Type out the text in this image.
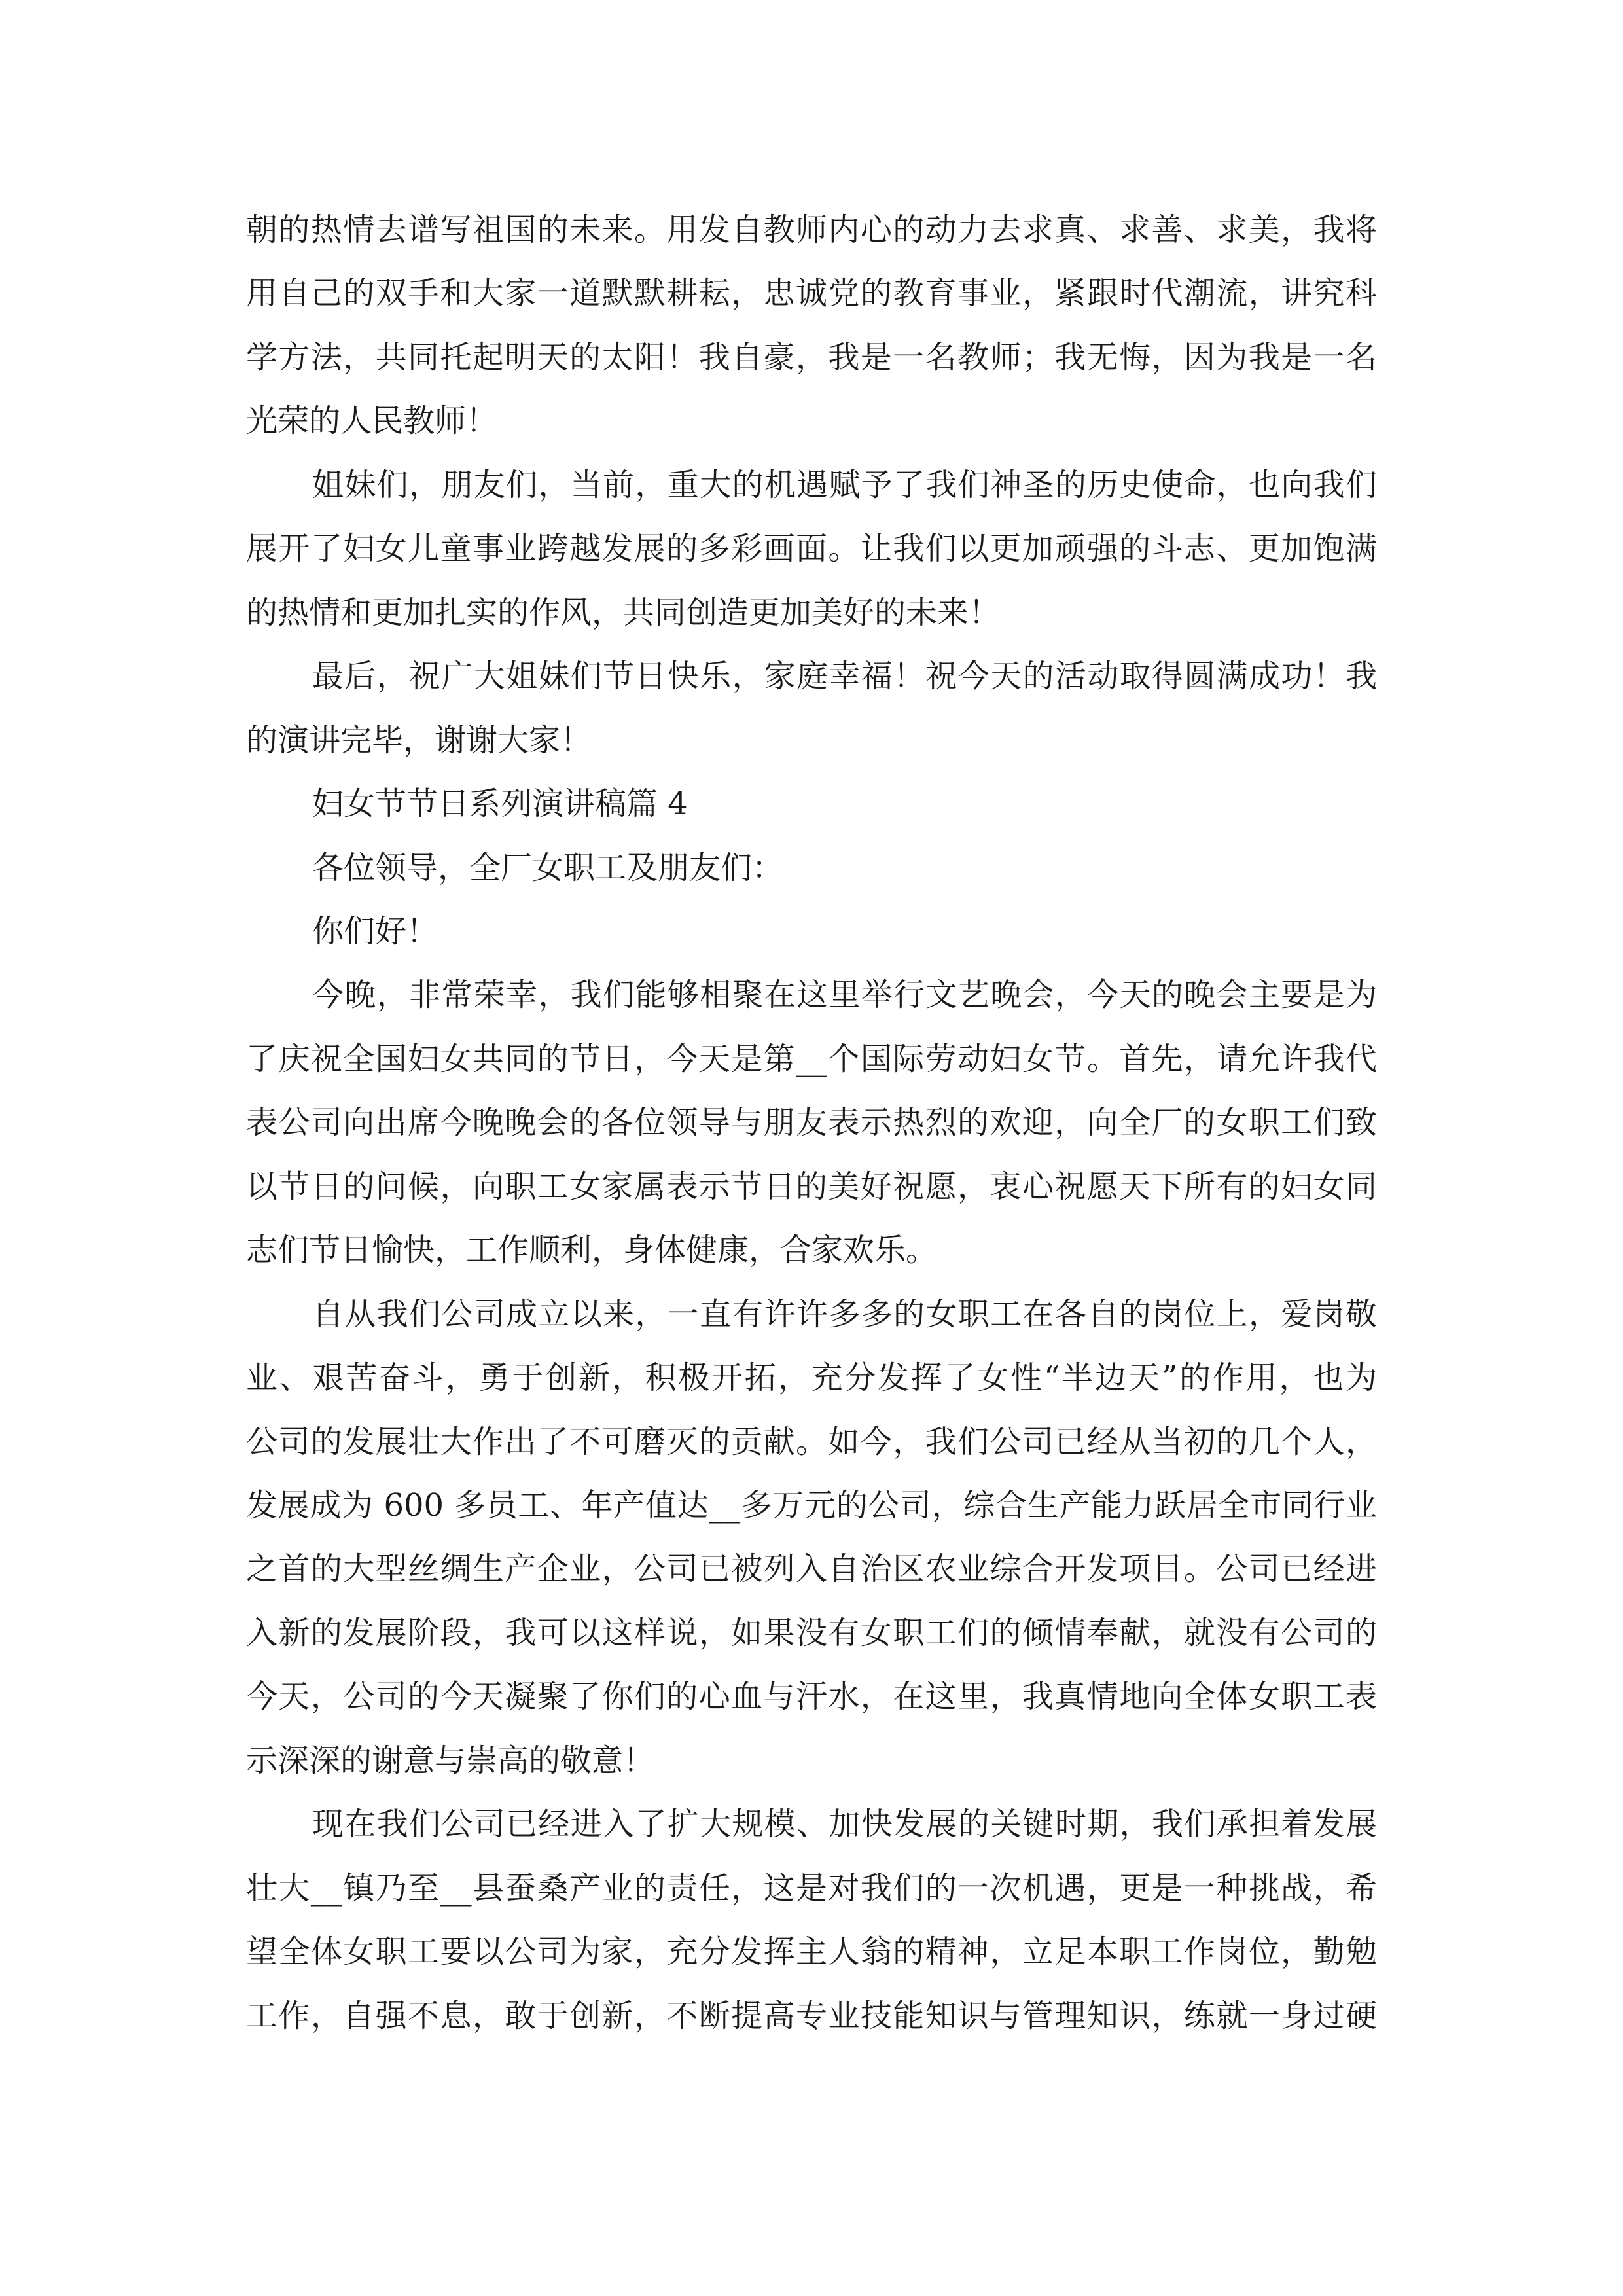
朝的热情去谱写祖国的未来。用发自教师内心的动力去求真、求善、求美，我将
用自己的双手和大家一道默默耕耘，忠诚党的教育事业，紧跟时代潮流，讲究科
学方法，共同托起明天的太阳！我自豪，我是一名教师；我无悔，因为我是一名
光荣的人民教师！
姐妹们，朋友们，当前，重大的机遇赋予了我们神圣的历史使命，也向我们
展开了妇女儿童事业跨越发展的多彩画面。让我们以更加顽强的斗志、更加饱满
的热情和更加扎实的作风，共同创造更加美好的未来！
最后，祝广大姐妹们节日快乐，家庭幸福！祝今天的活动取得圆满成功！我
的演讲完毕，谢谢大家！
妇女节节日系列演讲稿篇 4
各位领导，全厂女职工及朋友们：
你们好！
今晚，非常荣幸，我们能够相聚在这里举行文艺晚会，今天的晚会主要是为
了庆祝全国妇女共同的节日，今天是第__个国际劳动妇女节。首先，请允许我代
表公司向出席今晚晚会的各位领导与朋友表示热烈的欢迎，向全厂的女职工们致
以节日的问候，向职工女家属表示节日的美好祝愿，衷心祝愿天下所有的妇女同
志们节日愉快，工作顺利，身体健康，合家欢乐。
自从我们公司成立以来，一直有许许多多的女职工在各自的岗位上，爱岗敬
业、艰苦奋斗，勇于创新，积极开拓，充分发挥了女性“半边天”的作用，也为
公司的发展壮大作出了不可磨灭的贡献。如今，我们公司已经从当初的几个人，
发展成为 600 多员工、年产值达__多万元的公司，综合生产能力跃居全市同行业
之首的大型丝绸生产企业，公司已被列入自治区农业综合开发项目。公司已经进
入新的发展阶段，我可以这样说，如果没有女职工们的倾情奉献，就没有公司的
今天，公司的今天凝聚了你们的心血与汗水，在这里，我真情地向全体女职工表
示深深的谢意与崇高的敬意！
现在我们公司已经进入了扩大规模、加快发展的关键时期，我们承担着发展
壮大__镇乃至__县蚕桑产业的责任，这是对我们的一次机遇，更是一种挑战，希
望全体女职工要以公司为家，充分发挥主人翁的精神，立足本职工作岗位，勤勉
工作，自强不息，敢于创新，不断提高专业技能知识与管理知识，练就一身过硬
